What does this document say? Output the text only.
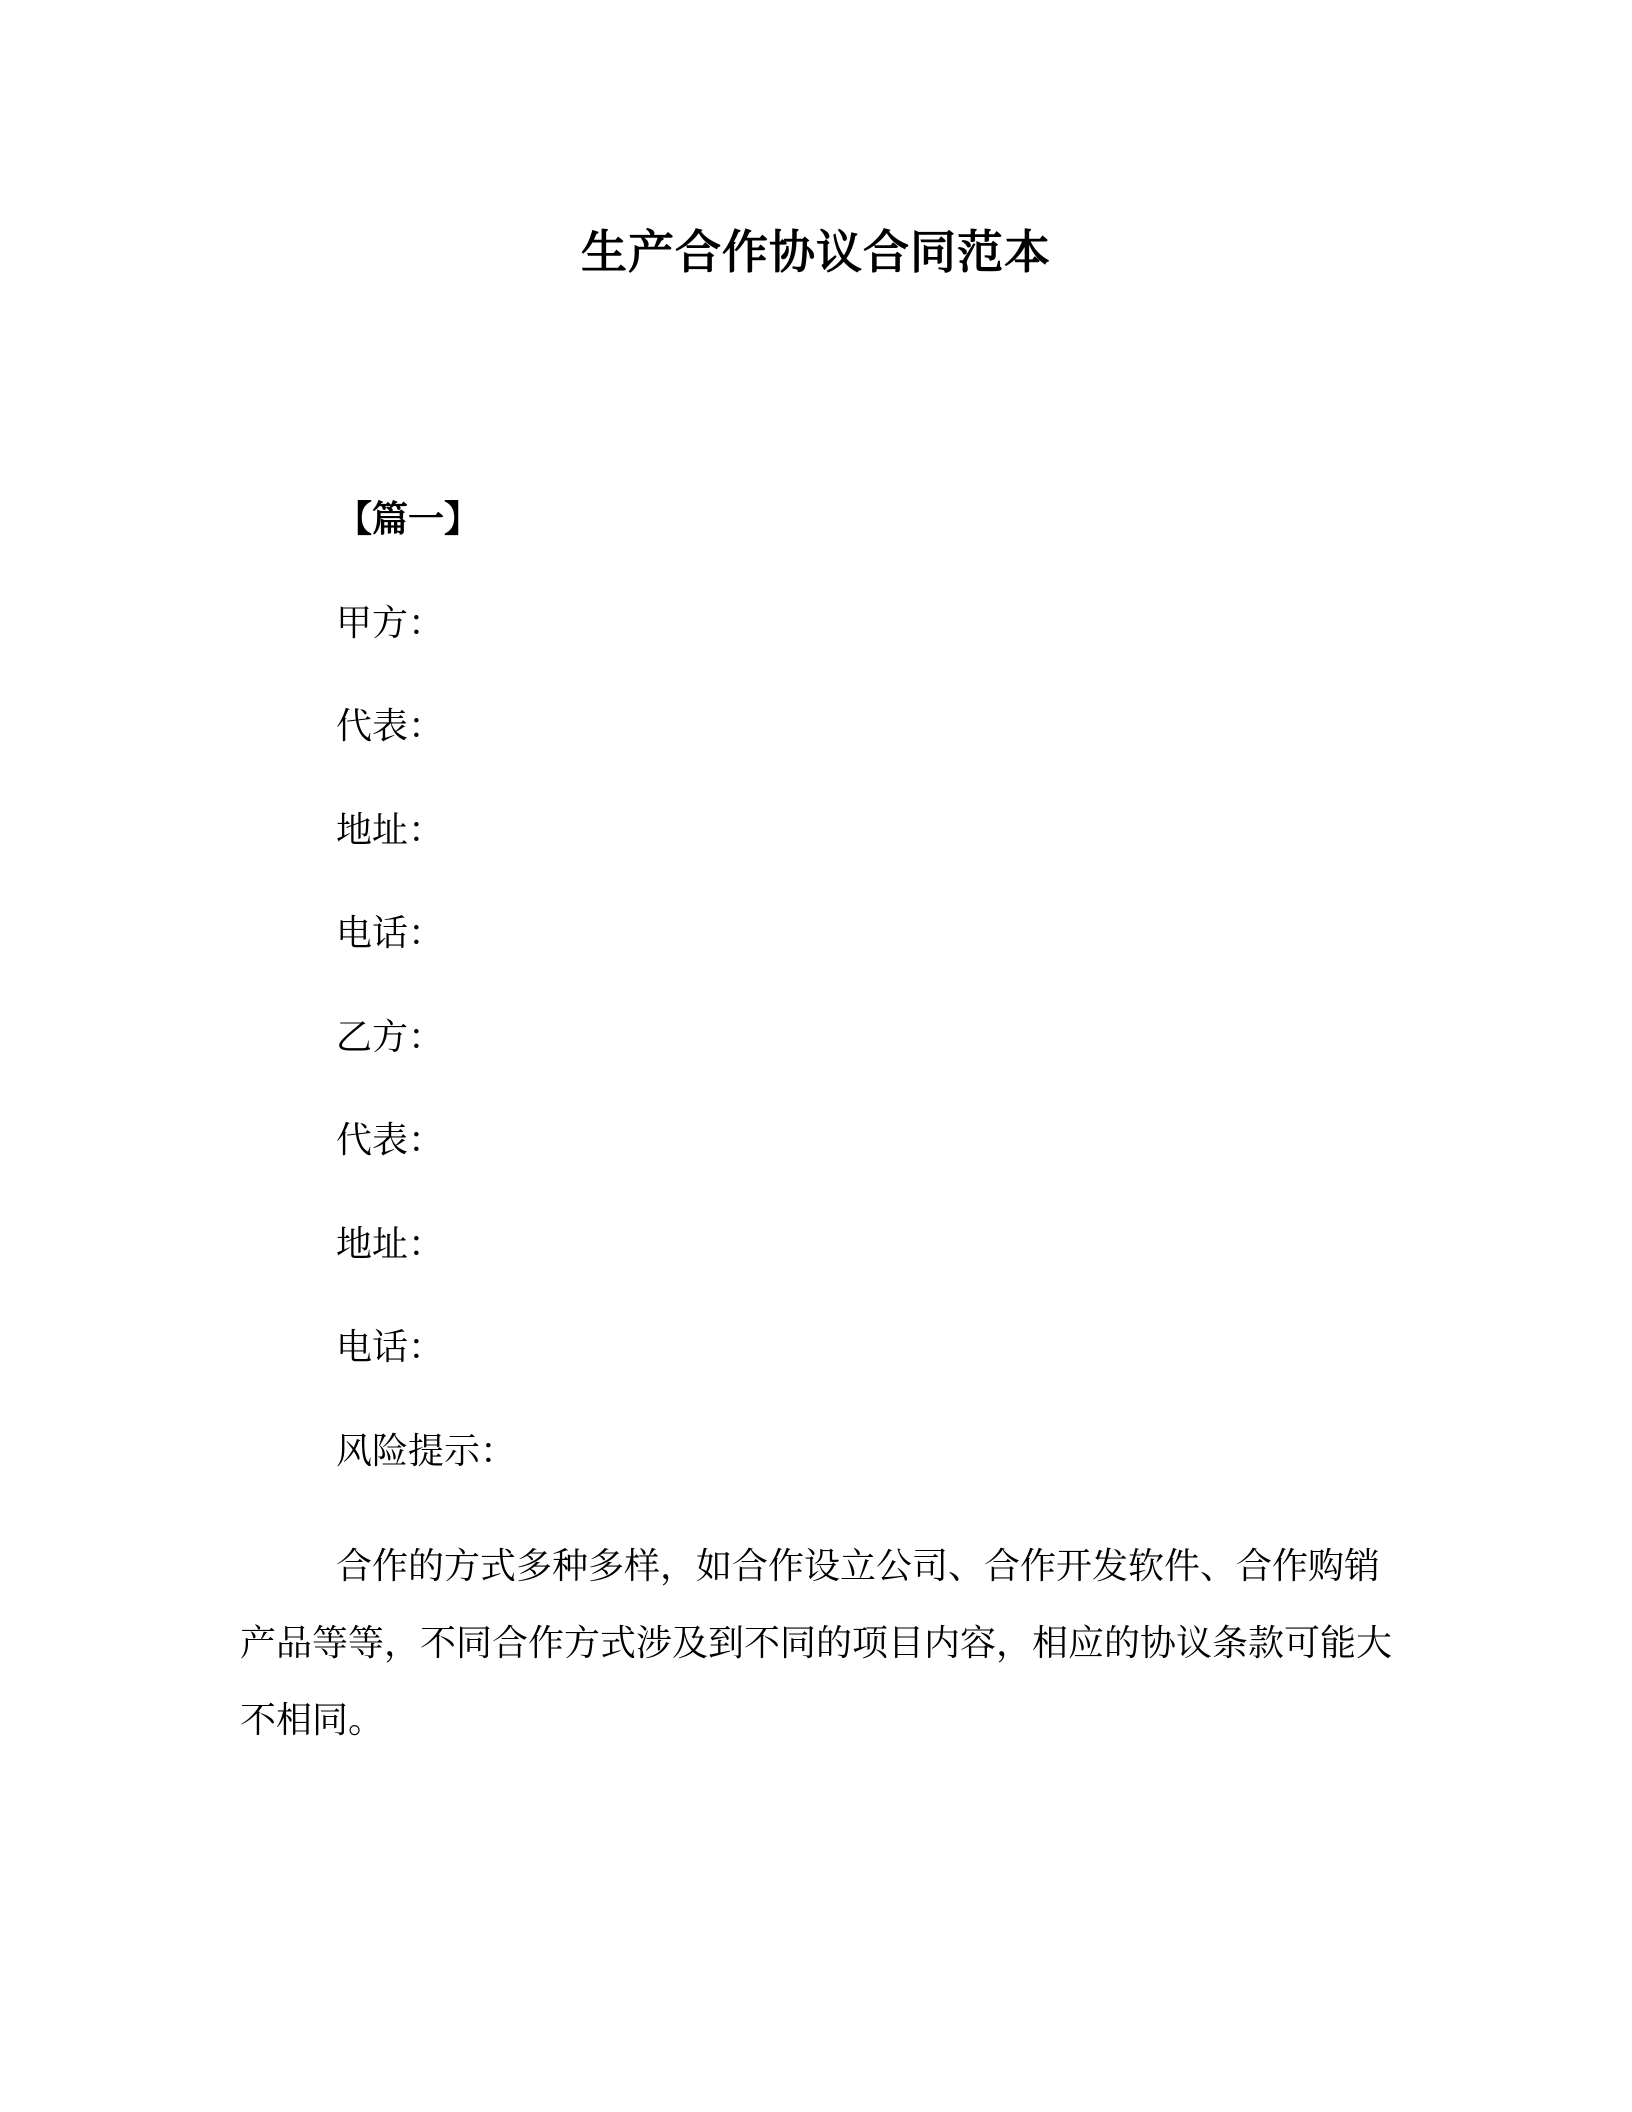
生产合作协议合同范本
【篇一】
甲方：
代表：
地址：
电话：
乙方：
代表：
地址：
电话：
风险提示：
合作的方式多种多样，如合作设立公司、合作开发软件、合作购销产品等等，不同合作方式涉及到不同的项目内容，相应的协议条款可能大不相同。
